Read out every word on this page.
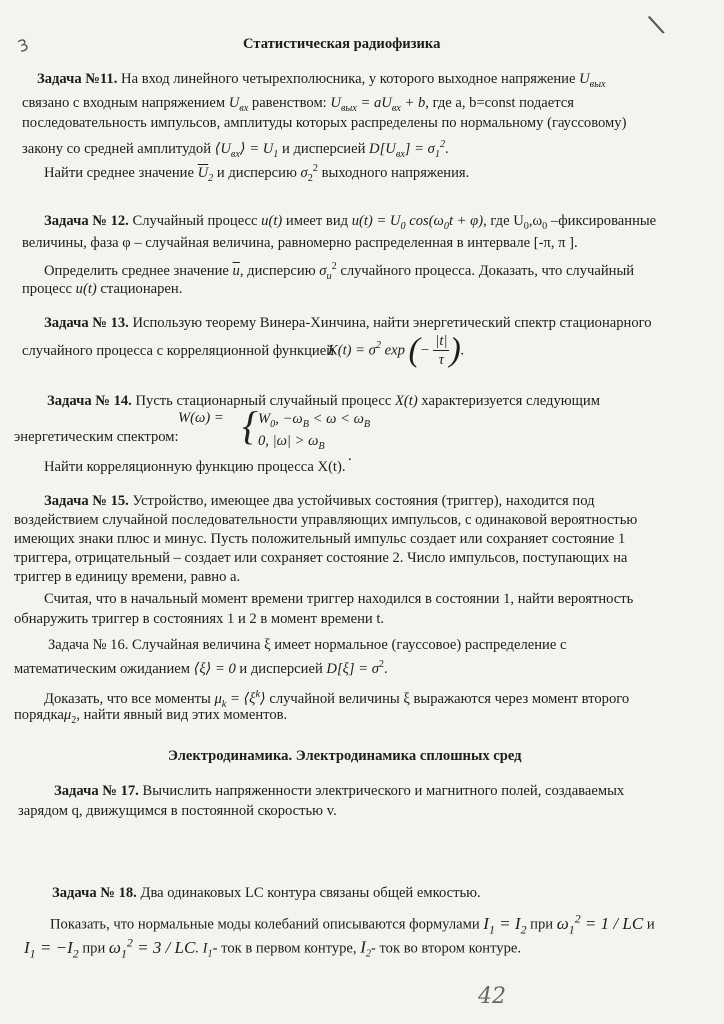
3
\
Статистическая радиофизика
Задача №11. На вход линейного четырехполюсника, у которого выходное напряжение $U_{вых}$
связано с входным напряжением $U_{вх}$ равенством: $U_{вых} = aU_{вх} + b$, где a, b=const подается
последовательность импульсов, амплитуды которых распределены по нормальному (гауссовому)
закону со средней амплитудой $⟨U_{вх}⟩ = U_1$ и дисперсией $D[U_{вх}] = \sigma_1^2$.
Найти среднее значение $\overline{U}_2$ и дисперсию $\sigma_2^2$ выходного напряжения.
Задача № 12. Случайный процесс u(t) имеет вид $u(t) = U_0$ $\cos(\omega_0t + \varphi)$, где $U_0,\omega_0$ –фиксированные
величины, фаза φ – случайная величина, равномерно распределенная в интервале [-π, π ].
Определить среднее значение $\overline{u}$, дисперсию $\sigma_u^2$ случайного процесса. Доказать, что случайный
процесс u(t) стационарен.
Задача № 13. Использую теорему Винера-Хинчина, найти энергетический спектр стационарного
случайного процесса с корреляционной функцией
$K(t) = \sigma^2$ exp (− $\frac{|t|}{\tau}$ ).
Задача № 14. Пусть стационарный случайный процесс X(t) характеризуется следующим
энергетическим спектром:
W(ω) = { $W_0$, $-\omega_B < \omega < \omega_B$
0, $|\omega| > \omega_B$
.
Найти корреляционную функцию процесса X(t).
Задача № 15. Устройство, имеющее два устойчивых состояния (триггер), находится под
воздействием случайной последовательности управляющих импульсов, с одинаковой вероятностью
имеющих знаки плюс и минус. Пусть положительный импульс создает или сохраняет состояние 1
триггера, отрицательный – создает или сохраняет состояние 2. Число импульсов, поступающих на
триггер в единицу времени, равно a.
Считая, что в начальный момент времени триггер находился в состоянии 1, найти вероятность
обнаружить триггер в состояниях 1 и 2 в момент времени t.
Задача № 16. Случайная величина ξ имеет нормальное (гауссовое) распределение с
математическим ожиданием ⟨ξ⟩ = 0 и дисперсией $D[\xi] = \sigma^2$.
Доказать, что все моменты $\mu_k$ = $⟨\xi^k⟩$ случайной величины ξ выражаются через момент второго
порядкаμ$_2$, найти явный вид этих моментов.
Электродинамика. Электродинамика сплошных сред
Задача № 17. Вычислить напряженности электрического и магнитного полей, создаваемых
зарядом q, движущимся в постоянной скоростью v.
Задача № 18. Два одинаковых LC контура связаны общей емкостью.
Показать, что нормальные моды колебаний описываются формулами $I_1 = I_2$ при $\omega_1^2 = 1$ / LC и
$I_1 = -I_2$ при $\omega_1^2 = 3$ / LC. $I_1-$ ток в первом контуре, $I_2-$ ток во втором контуре.
42
